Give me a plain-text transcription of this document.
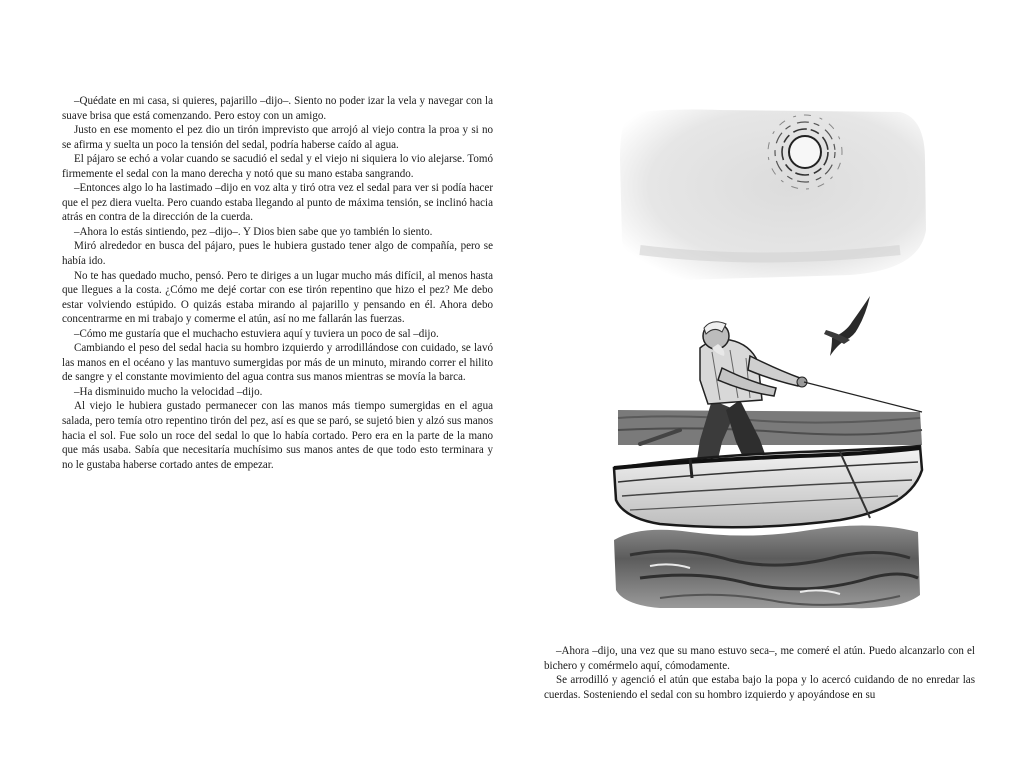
–Quédate en mi casa, si quieres, pajarillo –dijo–. Siento no poder izar la vela y navegar con la suave brisa que está comenzando. Pero estoy con un amigo.

Justo en ese momento el pez dio un tirón imprevisto que arrojó al viejo contra la proa y si no se afirma y suelta un poco la tensión del sedal, podría haberse caído al agua.

El pájaro se echó a volar cuando se sacudió el sedal y el viejo ni siquiera lo vio alejarse. Tomó firmemente el sedal con la mano derecha y notó que su mano estaba sangrando.

–Entonces algo lo ha lastimado –dijo en voz alta y tiró otra vez el sedal para ver si podía hacer que el pez diera vuelta. Pero cuando estaba llegando al punto de máxima tensión, se inclinó hacia atrás en contra de la dirección de la cuerda.

–Ahora lo estás sintiendo, pez –dijo–. Y Dios bien sabe que yo también lo siento.

Miró alrededor en busca del pájaro, pues le hubiera gustado tener algo de compañía, pero se había ido.

No te has quedado mucho, pensó. Pero te diriges a un lugar mucho más difícil, al menos hasta que llegues a la costa. ¿Cómo me dejé cortar con ese tirón repentino que hizo el pez? Me debo estar volviendo estúpido. O quizás estaba mirando al pajarillo y pensando en él. Ahora debo concentrarme en mi trabajo y comerme el atún, así no me fallarán las fuerzas.

–Cómo me gustaría que el muchacho estuviera aquí y tuviera un poco de sal –dijo.

Cambiando el peso del sedal hacia su hombro izquierdo y arrodillándose con cuidado, se lavó las manos en el océano y las mantuvo sumergidas por más de un minuto, mirando correr el hilito de sangre y el constante movimiento del agua contra sus manos mientras se movía la barca.

–Ha disminuido mucho la velocidad –dijo.

Al viejo le hubiera gustado permanecer con las manos más tiempo sumergidas en el agua salada, pero temía otro repentino tirón del pez, así es que se paró, se sujetó bien y alzó sus manos hacia el sol. Fue solo un roce del sedal lo que lo había cortado. Pero era en la parte de la mano que más usaba. Sabía que necesitaría muchísimo sus manos antes de que todo esto terminara y no le gustaba haberse cortado antes de empezar.

–Ahora –dijo, una vez que su mano estuvo seca–, me comeré el atún. Puedo alcanzarlo con el bichero y comérmelo aquí, cómodamente.

Se arrodilló y agenció el atún que estaba bajo la popa y lo acercó cuidando de no enredar las cuerdas. Sosteniendo el sedal con su hombro izquierdo y apoyándose en su
